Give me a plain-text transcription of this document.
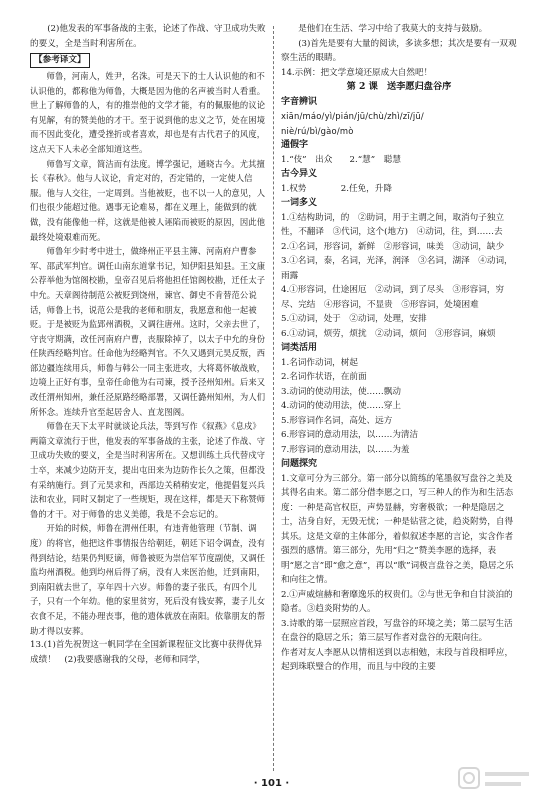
(2)他发表的军事备战的主张，论述了作战、守卫成功失败的要义，全是当时利害所在。

【参考译文】

师鲁，河南人，姓尹，名洙。可是天下的士人认识他的和不认识他的，都称他为师鲁，大概是因为他的名声被当时人看重。世上了解师鲁的人，有的推崇他的文学才能，有的佩服他的议论有见解，有的赞美他的才干。至于说到他的忠义之节，处在困境而不因此变化，遭受挫折或者喜欢，却也是有古代君子的风度，这点天下人未必全部知道这些。

师鲁写文章，简洁而有法度。博学强记，通晓古今。尤其擅长《春秋》。他与人议论，肯定对的，否定错的，一定使人信服。他与人交往，一定周到。当他被贬，也不以一人的意见，人们也很少能超过他。遇事无论难易，都在义理上，能做到的就做，没有能像他一样，这就是他被人诬陷而被贬的原因，因此他最终处境艰难而死。

师鲁年少时考中进士，做绛州正平县主簿、河南府户曹参军、邵武军判官。调任山南东道掌书记，知伊阳县知县。王文康公荐举他为馆阁校勘，皇帝召见后将他担任馆阁校勘，迁任太子中允。天章阁待制范公被贬到饶州，谏官、御史不肯替范公说话，师鲁上书，说范公是我的老师和朋友，我愿意和他一起被贬。于是被贬为监郢州酒税，又调往唐州。这时，父亲去世了，守丧守期满，改任河南府户曹，丧服除掉了，以太子中允的身份任陕西经略判官。任命他为经略判官。不久又遇到元昊反叛，西部边疆连续用兵，师鲁与韩公一同主张进攻，大将葛怀敏战败，边境上正好有事，皇帝任命他为右司谏，授予泾州知州。后来又改任渭州知州，兼任泾原路经略部署，又调任潞州知州，为人们所怀念。连续升官至起居舍人、直龙图阁。

师鲁在天下太平时就谈论兵法，等到写作《叙燕》《息戍》两篇文章流行于世，他发表的军事备战的主张，论述了作战、守卫成功失败的要义，全是当时利害所在。又想训练土兵代替戍守士卒，来减少边防开支，提出屯田来为边防作长久之策，但都没有采纳施行。到了元昊求和，西部边关稍稍安定，他提倡复兴兵法和农业，同时又制定了一些规矩，现在这样，都是天下称赞师鲁的才干。对于师鲁的忠义美德，我是不会忘记的。

开始的时候，师鲁在渭州任职，有违背他管理（节制、调度）的将官，他把这件事情报告给朝廷，朝廷下诏令调查，没有得到结论，结果仍判贬谪，师鲁被贬为崇信军节度副使，又调任监均州酒税。他到均州后得了病，没有人来医治他，迁到南阳，到南阳就去世了，享年四十六岁。师鲁的妻子张氏，有四个儿子，只有一个年幼。他的家里贫穷，死后没有钱安葬，妻子儿女衣食不足，不能办理丧事，他的遗体就放在南阳。依靠朋友的帮助才得以安葬。

13.(1)首先祝贺这一帆同学在全国新课程征文比赛中获得优异成绩！　(2)我要感谢我的父母，老师和同学，

是他们在生活、学习中给了我莫大的支持与鼓励。

(3)首先是要有大量的阅读，多读多想；其次是要有一双观察生活的眼睛。

14.示例：把文学意境还原成大自然吧！

第 2 课　送李愿归盘谷序

字音辨识

xiān/máo/yì/pián/jū/chù/zhì/zī/jū/

niè/rú/bì/gào/mò

通假字

1.“伎”　出众　　2.“慧”　聪慧

古今异义

1.权势　　　　2.任免，升降

一词多义

1.①结构助词，的　②助词，用于主谓之间，取消句子独立性，不翻译　③代词，这个(地方)　④动词，往，到……去

2.①名词，形容词，新鲜　②形容词，味美　③动词，缺少

3.①名词，泰，名词，光泽，润泽　③名词，湖泽　④动词，雨露

4.①形容词，仕途困厄　②动词，到了尽头　③形容词，穷尽、完结　④形容词，不显贵　⑤形容词，处境困难

5.①动词，处于　②动词，处理，安排

6.①动词，烦劳，烦扰　②动词，烦问　③形容词，麻烦

词类活用

1.名词作动词，树起

2.名词作状语，在前面

3.动词的使动用法，使……飘动

4.动词的使动用法，使……穿上

5.形容词作名词，高处、远方

6.形容词的意动用法，以……为清洁

7.形容词的意动用法，以……为羞

问题探究

1.文章可分为三部分。第一部分以简练的笔墨叙写盘谷之美及其得名由来。第二部分借李愿之口，写三种人的作为和生活态度：一种是高官权臣，声势显赫，穷奢极欲；一种是隐居之士，洁身自好，无毁无忧；一种是钻营之徒，趋炎附势，自得其乐。这是文章的主体部分，着似叙述李愿的言论，实含作者强烈的感情。第三部分，先用“归之”赞美李愿的选择，表明“愿之言”即“愈之意”，再以“歌”词极言盘谷之美，隐居之乐和向往之情。

2.①声威煊赫和奢靡逸乐的权贵们。②与世无争和自甘淡泊的隐者。③趋炎附势的人。

3.诗歌的第一层照应首段，写盘谷的环境之美；第二层写生活在盘谷的隐居之乐；第三层写作者对盘谷的无限向往。

作者对友人李愿从以情相送到以志相勉，末段与首段相呼应，起到珠联璧合的作用，而且与中段的主要

· 101 ·
